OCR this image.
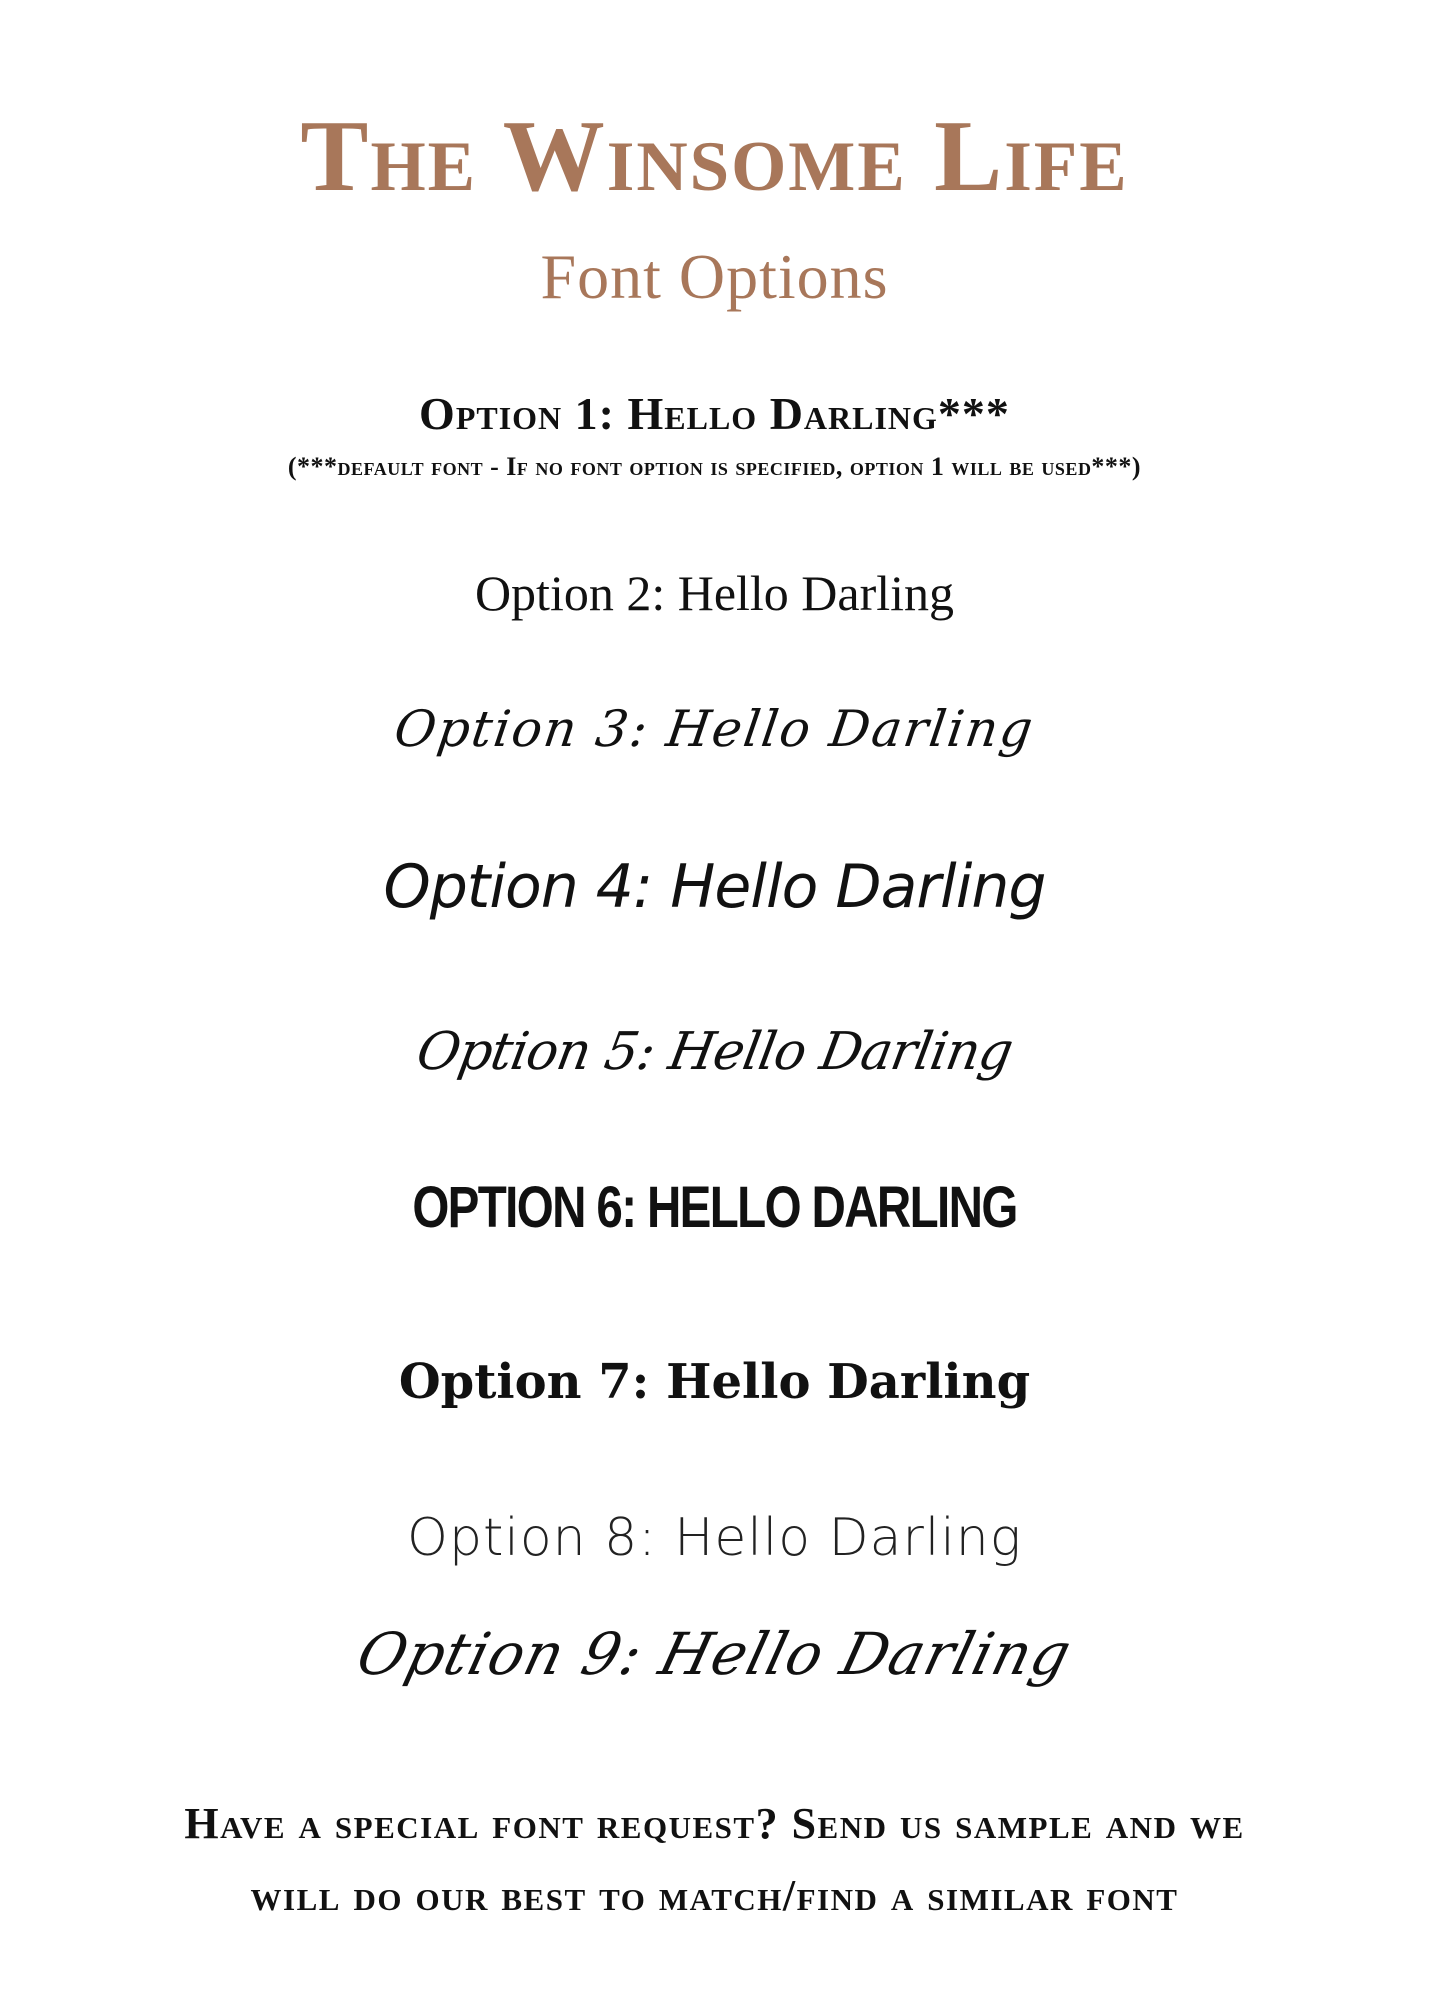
The Winsome Life
Font Options
Option 1: Hello Darling***
(***default font - If no font option is specified, option 1 will be used***)
Option 2: Hello Darling
Option 3: Hello Darling
Option 4: Hello Darling
Option 5: Hello Darling
OPTION 6: HELLO DARLING
Option 7: Hello Darling
Option 8: Hello Darling
Option 9: Hello Darling
Have a special font request? Send us sample and we
will do our best to match/find a similar font
